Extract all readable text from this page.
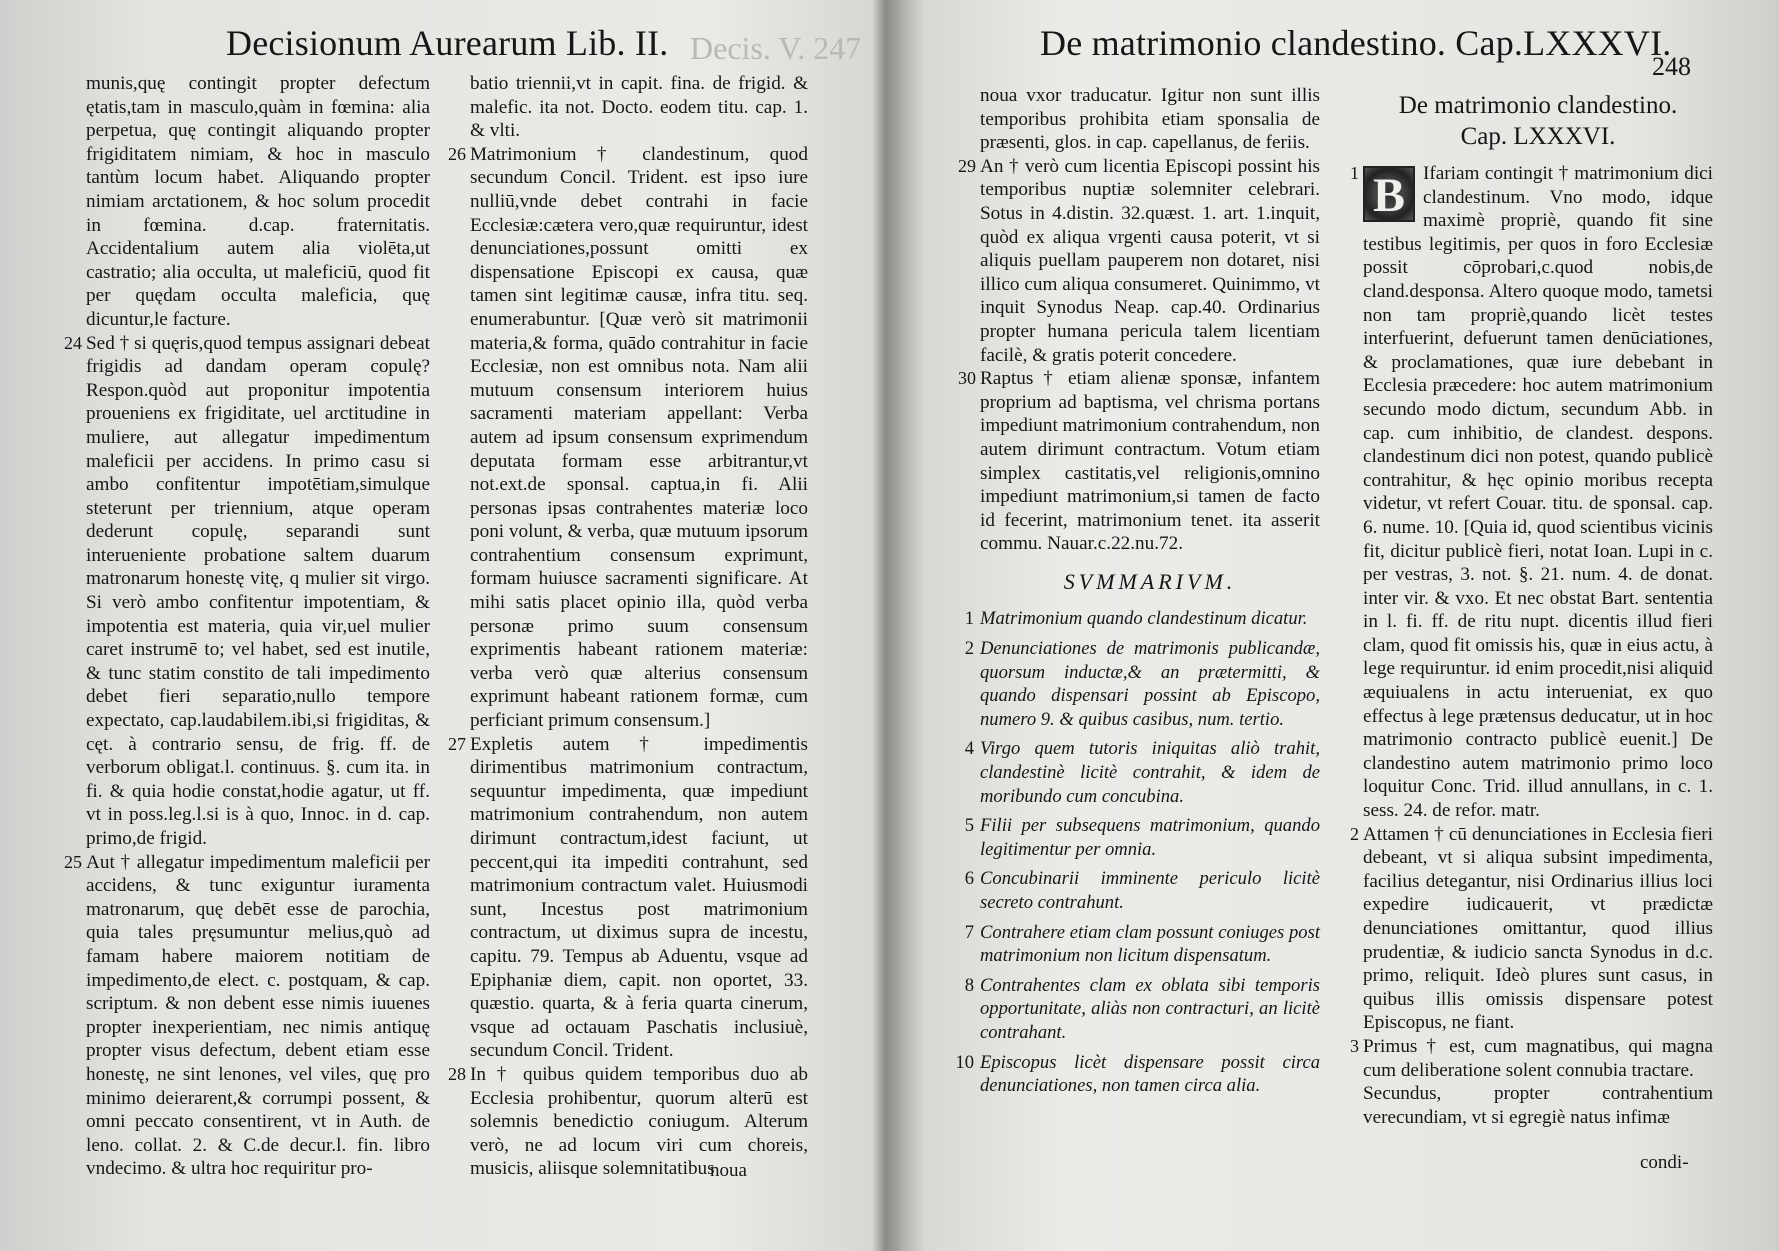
Decisionum Aurearum Lib. II. Decis. V. 247
munis,quę contingit propter defectum ętatis,tam in masculo,quàm in fœmina: alia perpetua, quę contingit aliquando propter frigiditatem nimiam, & hoc in masculo tantùm locum habet. Aliquando propter nimiam arctationem, & hoc solum procedit in fœmina. d.cap. fraternitatis. Accidentalium autem alia violēta,ut castratio; alia occulta, ut maleficiū, quod fit per quędam occulta maleficia, quę dicuntur,le facture.
24 Sed † si quęris,quod tempus assignari debeat frigidis ad dandam operam copulę? Respon.quòd aut proponitur impotentia proueniens ex frigiditate, uel arctitudine in muliere, aut allegatur impedimentum maleficii per accidens. In primo casu si ambo confitentur impotētiam,simulque steterunt per triennium, atque operam dederunt copulę, separandi sunt interueniente probatione saltem duarum matronarum honestę vitę, q mulier sit virgo. Si verò ambo confitentur impotentiam, & impotentia est materia, quia vir,uel mulier caret instrumē to; vel habet, sed est inutile, & tunc statim constito de tali impedimento debet fieri separatio,nullo tempore expectato, cap.laudabilem.ibi,si frigiditas, & cęt. à contrario sensu, de frig. ff. de verborum obligat.l. continuus. §. cum ita. in fi. & quia hodie constat,hodie agatur, ut ff. vt in poss.leg.l.si is à quo, Innoc. in d. cap. primo,de frigid.
25 Aut † allegatur impedimentum maleficii per accidens, & tunc exiguntur iuramenta matronarum, quę debēt esse de parochia, quia tales pręsumuntur melius,quò ad famam habere maiorem notitiam de impedimento,de elect. c. postquam, & cap. scriptum. & non debent esse nimis iuuenes propter inexperientiam, nec nimis antiquę propter visus defectum, debent etiam esse honestę, ne sint lenones, vel viles, quę pro minimo deierarent,& corrumpi possent, & omni peccato consentirent, vt in Auth. de leno. collat. 2. & C.de decur.l. fin. libro vndecimo. & ultra hoc requiritur pro-
batio triennii,vt in capit. fina. de frigid. & malefic. ita not. Docto. eodem titu. cap. 1. & vlti.
26 Matrimonium † clandestinum, quod secundum Concil. Trident. est ipso iure nulliū,vnde debet contrahi in facie Ecclesiæ:cætera vero,quæ requiruntur, idest denunciationes,possunt omitti ex dispensatione Episcopi ex causa, quæ tamen sint legitimæ causæ, infra titu. seq. enumerabuntur. [Quæ verò sit matrimonii materia,& forma, quādo contrahitur in facie Ecclesiæ, non est omnibus nota. Nam alii mutuum consensum interiorem huius sacramenti materiam appellant: Verba autem ad ipsum consensum exprimendum deputata formam esse arbitrantur,vt not.ext.de sponsal. captua,in fi. Alii personas ipsas contrahentes materiæ loco poni volunt, & verba, quæ mutuum ipsorum contrahentium consensum exprimunt, formam huiusce sacramenti significare. At mihi satis placet opinio illa, quòd verba personæ primo suum consensum exprimentis habeant rationem materiæ: verba verò quæ alterius consensum exprimunt habeant rationem formæ, cum perficiant primum consensum.]
27 Expletis autem † impedimentis dirimentibus matrimonium contractum, sequuntur impedimenta, quæ impediunt matrimonium contrahendum, non autem dirimunt contractum,idest faciunt, ut peccent,qui ita impediti contrahunt, sed matrimonium contractum valet. Huiusmodi sunt, Incestus post matrimonium contractum, ut diximus supra de incestu, capitu. 79. Tempus ab Aduentu, vsque ad Epiphaniæ diem, capit. non oportet, 33. quæstio. quarta, & à feria quarta cinerum, vsque ad octauam Paschatis inclusiuè, secundum Concil. Trident.
28 In † quibus quidem temporibus duo ab Ecclesia prohibentur, quorum alterū est solemnis benedictio coniugum. Alterum verò, ne ad locum viri cum choreis, musicis, aliisque solemnitatibus
noua
De matrimonio clandestino. Cap.LXXXVI.
248
noua vxor traducatur. Igitur non sunt illis temporibus prohibita etiam sponsalia de præsenti, glos. in cap. capellanus, de feriis.
29 An † verò cum licentia Episcopi possint his temporibus nuptiæ solemniter celebrari. Sotus in 4.distin. 32.quæst. 1. art. 1.inquit, quòd ex aliqua vrgenti causa poterit, vt si aliquis puellam pauperem non dotaret, nisi illico cum aliqua consumeret. Quinimmo, vt inquit Synodus Neap. cap.40. Ordinarius propter humana pericula talem licentiam facilè, & gratis poterit concedere.
30 Raptus † etiam alienæ sponsæ, infantem proprium ad baptisma, vel chrisma portans impediunt matrimonium contrahendum, non autem dirimunt contractum. Votum etiam simplex castitatis,vel religionis,omnino impediunt matrimonium,si tamen de facto id fecerint, matrimonium tenet. ita asserit commu. Nauar.c.22.nu.72.
SVMMARIVM.
1 Matrimonium quando clandestinum dicatur.
2 Denunciationes de matrimonis publicandæ, quorsum inductæ,& an prætermitti, & quando dispensari possint ab Episcopo, numero 9. & quibus casibus, num. tertio.
4 Virgo quem tutoris iniquitas aliò trahit, clandestinè licitè contrahit, & idem de moribundo cum concubina.
5 Filii per subsequens matrimonium, quando legitimentur per omnia.
6 Concubinarii imminente periculo licitè secreto contrahunt.
7 Contrahere etiam clam possunt coniuges post matrimonium non licitum dispensatum.
8 Contrahentes clam ex oblata sibi temporis opportunitate, aliàs non contracturi, an licitè contrahant.
10 Episcopus licèt dispensare possit circa denunciationes, non tamen circa alia.
De matrimonio clandestino.
Cap. LXXXVI.
1 B Ifariam contingit † matrimonium dici clandestinum. Vno modo, idque maximè propriè, quando fit sine testibus legitimis, per quos in foro Ecclesiæ possit cōprobari,c.quod nobis,de cland.desponsa. Altero quoque modo, tametsi non tam propriè,quando licèt testes interfuerint, defuerunt tamen denūciationes, & proclamationes, quæ iure debebant in Ecclesia præcedere: hoc autem matrimonium secundo modo dictum, secundum Abb. in cap. cum inhibitio, de clandest. despons. clandestinum dici non potest, quando publicè contrahitur, & hęc opinio moribus recepta videtur, vt refert Couar. titu. de sponsal. cap. 6. nume. 10. [Quia id, quod scientibus vicinis fit, dicitur publicè fieri, notat Ioan. Lupi in c. per vestras, 3. not. §. 21. num. 4. de donat. inter vir. & vxo. Et nec obstat Bart. sententia in l. fi. ff. de ritu nupt. dicentis illud fieri clam, quod fit omissis his, quæ in eius actu, à lege requiruntur. id enim procedit,nisi aliquid æquiualens in actu interueniat, ex quo effectus à lege prætensus deducatur, ut in hoc matrimonio contracto publicè euenit.] De clandestino autem matrimonio primo loco loquitur Conc. Trid. illud annullans, in c. 1. sess. 24. de refor. matr.
2 Attamen † cū denunciationes in Ecclesia fieri debeant, vt si aliqua subsint impedimenta, facilius detegantur, nisi Ordinarius illius loci expedire iudicauerit, vt prædictæ denunciationes omittantur, quod illius prudentiæ, & iudicio sancta Synodus in d.c. primo, reliquit. Ideò plures sunt casus, in quibus illis omissis dispensare potest Episcopus, ne fiant.
3 Primus † est, cum magnatibus, qui magna cum deliberatione solent connubia tractare.
Secundus, propter contrahentium verecundiam, vt si egregiè natus infimæ
condi-
